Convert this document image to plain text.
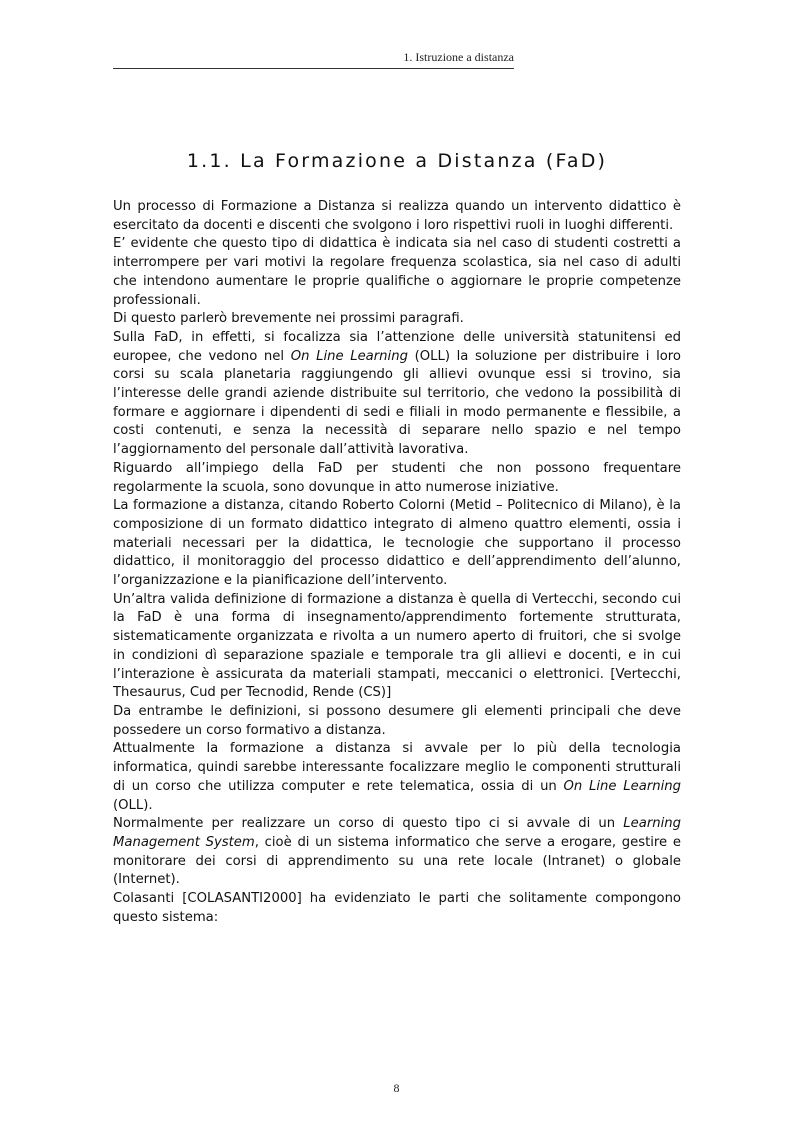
1. Istruzione a distanza
1.1. La Formazione a Distanza (FaD)

Un processo di Formazione a Distanza si realizza quando un intervento didattico è esercitato da docenti e discenti che svolgono i loro rispettivi ruoli in luoghi differenti.

E’ evidente che questo tipo di didattica è indicata sia nel caso di studenti costretti a interrompere per vari motivi la regolare frequenza scolastica, sia nel caso di adulti che intendono aumentare le proprie qualifiche o aggiornare le proprie competenze professionali.

Di questo parlerò brevemente nei prossimi paragrafi.

Sulla FaD, in effetti, si focalizza sia l’attenzione delle università statunitensi ed europee, che vedono nel On Line Learning (OLL) la soluzione per distribuire i loro corsi su scala planetaria raggiungendo gli allievi ovunque essi si trovino, sia l’interesse delle grandi aziende distribuite sul territorio, che vedono la possibilità di formare e aggiornare i dipendenti di sedi e filiali in modo permanente e flessibile, a costi contenuti, e senza la necessità di separare nello spazio e nel tempo l’aggiornamento del personale dall’attività lavorativa.

Riguardo all’impiego della FaD per studenti che non possono frequentare regolarmente la scuola, sono dovunque in atto numerose iniziative.

La formazione a distanza, citando Roberto Colorni (Metid – Politecnico di Milano), è la composizione di un formato didattico integrato di almeno quattro elementi, ossia i materiali necessari per la didattica, le tecnologie che supportano il processo didattico, il monitoraggio del processo didattico e dell’apprendimento dell’alunno, l’organizzazione e la pianificazione dell’intervento.

Un’altra valida definizione di formazione a distanza è quella di Vertecchi, secondo cui la FaD è una forma di insegnamento/apprendimento fortemente strutturata, sistematicamente organizzata e rivolta a un numero aperto di fruitori, che si svolge in condizioni dì separazione spaziale e temporale tra gli allievi e docenti, e in cui l’interazione è assicurata da materiali stampati, meccanici o elettronici. [Vertecchi, Thesaurus, Cud per Tecnodid, Rende (CS)]

Da entrambe le definizioni, si possono desumere gli elementi principali che deve possedere un corso formativo a distanza.

Attualmente la formazione a distanza si avvale per lo più della tecnologia informatica, quindi sarebbe interessante focalizzare meglio le componenti strutturali di un corso che utilizza computer e rete telematica, ossia di un On Line Learning (OLL).

Normalmente per realizzare un corso di questo tipo ci si avvale di un Learning Management System, cioè di un sistema informatico che serve a erogare, gestire e monitorare dei corsi di apprendimento su una rete locale (Intranet) o globale (Internet).

Colasanti [COLASANTI2000] ha evidenziato le parti che solitamente compongono questo sistema:

8
